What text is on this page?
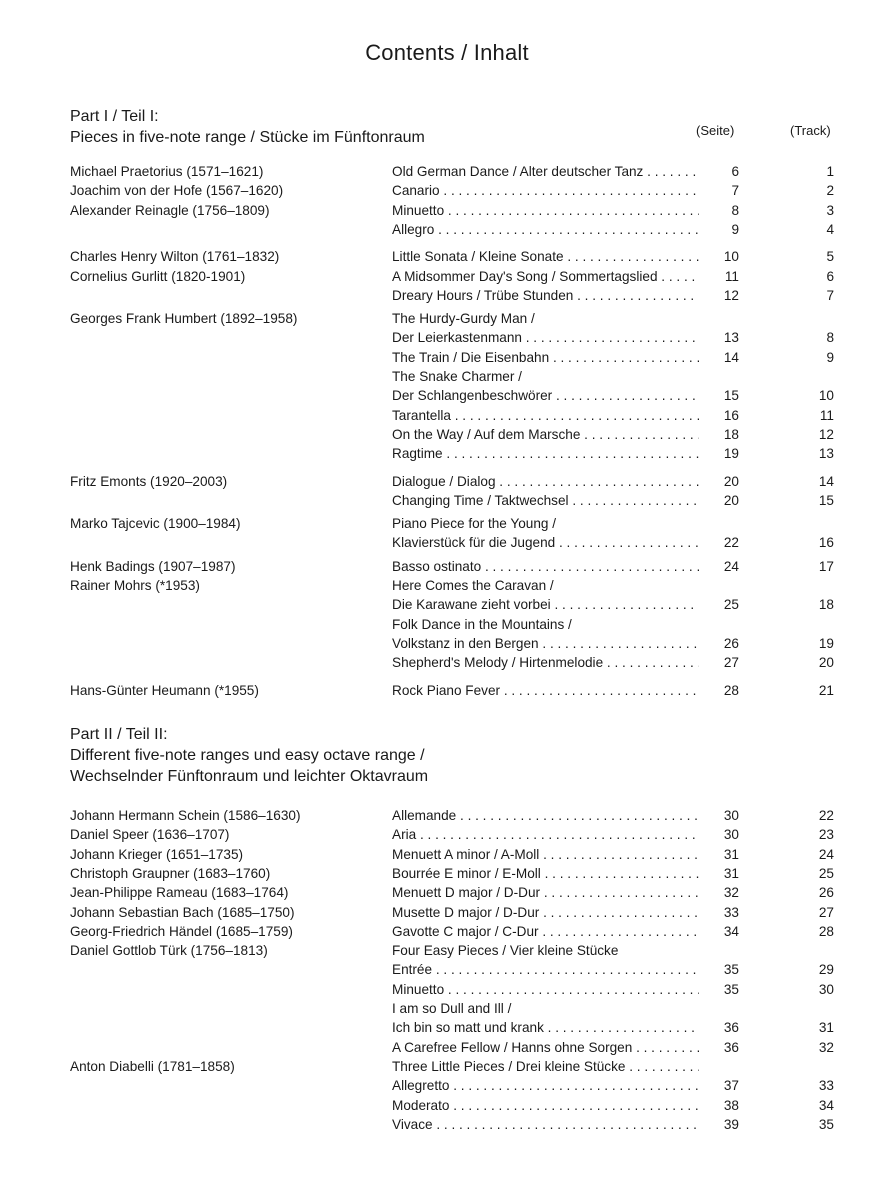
Contents / Inhalt
Part I / Teil I:
Pieces in five-note range / Stücke im Fünftonraum	(Seite)	(Track)
Michael Praetorius (1571–1621)	Old German Dance / Alter deutscher Tanz . . .	6	1
Joachim von der Hofe (1567–1620)	Canario . . .	7	2
Alexander Reinagle (1756–1809)	Minuetto . . .	8	3
Allegro . . .	9	4
Charles Henry Wilton (1761–1832)	Little Sonata / Kleine Sonate . . .	10	5
Cornelius Gurlitt (1820-1901)	A Midsommer Day's Song / Sommertagslied . . .	11	6
Dreary Hours / Trübe Stunden . . .	12	7
Georges Frank Humbert (1892–1958)	The Hurdy-Gurdy Man /
Der Leierkastenmann . . .	13	8
The Train / Die Eisenbahn . . .	14	9
The Snake Charmer /
Der Schlangenbeschwörer . . .	15	10
Tarantella . . .	16	11
On the Way / Auf dem Marsche . . .	18	12
Ragtime . . .	19	13
Fritz Emonts (1920–2003)	Dialogue / Dialog . . .	20	14
Changing Time / Taktwechsel . . .	20	15
Marko Tajcevic (1900–1984)	Piano Piece for the Young /
Klavierstück für die Jugend . . .	22	16
Henk Badings (1907–1987)	Basso ostinato . . .	24	17
Rainer Mohrs (*1953)	Here Comes the Caravan /
Die Karawane zieht vorbei . . .	25	18
Folk Dance in the Mountains /
Volkstanz in den Bergen . . .	26	19
Shepherd's Melody / Hirtenmelodie . . .	27	20
Hans-Günter Heumann (*1955)	Rock Piano Fever . . .	28	21
Part II / Teil II:
Different five-note ranges und easy octave range /
Wechselnder Fünftonraum und leichter Oktavraum
Johann Hermann Schein (1586–1630)	Allemande . . .	30	22
Daniel Speer (1636–1707)	Aria . . .	30	23
Johann Krieger (1651–1735)	Menuett A minor / A-Moll . . .	31	24
Christoph Graupner (1683–1760)	Bourrée E minor / E-Moll . . .	31	25
Jean-Philippe Rameau (1683–1764)	Menuett D major / D-Dur . . .	32	26
Johann Sebastian Bach (1685–1750)	Musette D major / D-Dur . . .	33	27
Georg-Friedrich Händel (1685–1759)	Gavotte C major / C-Dur . . .	34	28
Daniel Gottlob Türk (1756–1813)	Four Easy Pieces / Vier kleine Stücke
Entrée . . .	35	29
Minuetto . . .	35	30
I am so Dull and Ill /
Ich bin so matt und krank . . .	36	31
A Carefree Fellow / Hanns ohne Sorgen . . .	36	32
Anton Diabelli (1781–1858)	Three Little Pieces / Drei kleine Stücke . . .
Allegretto . . .	37	33
Moderato . . .	38	34
Vivace . . .	39	35
